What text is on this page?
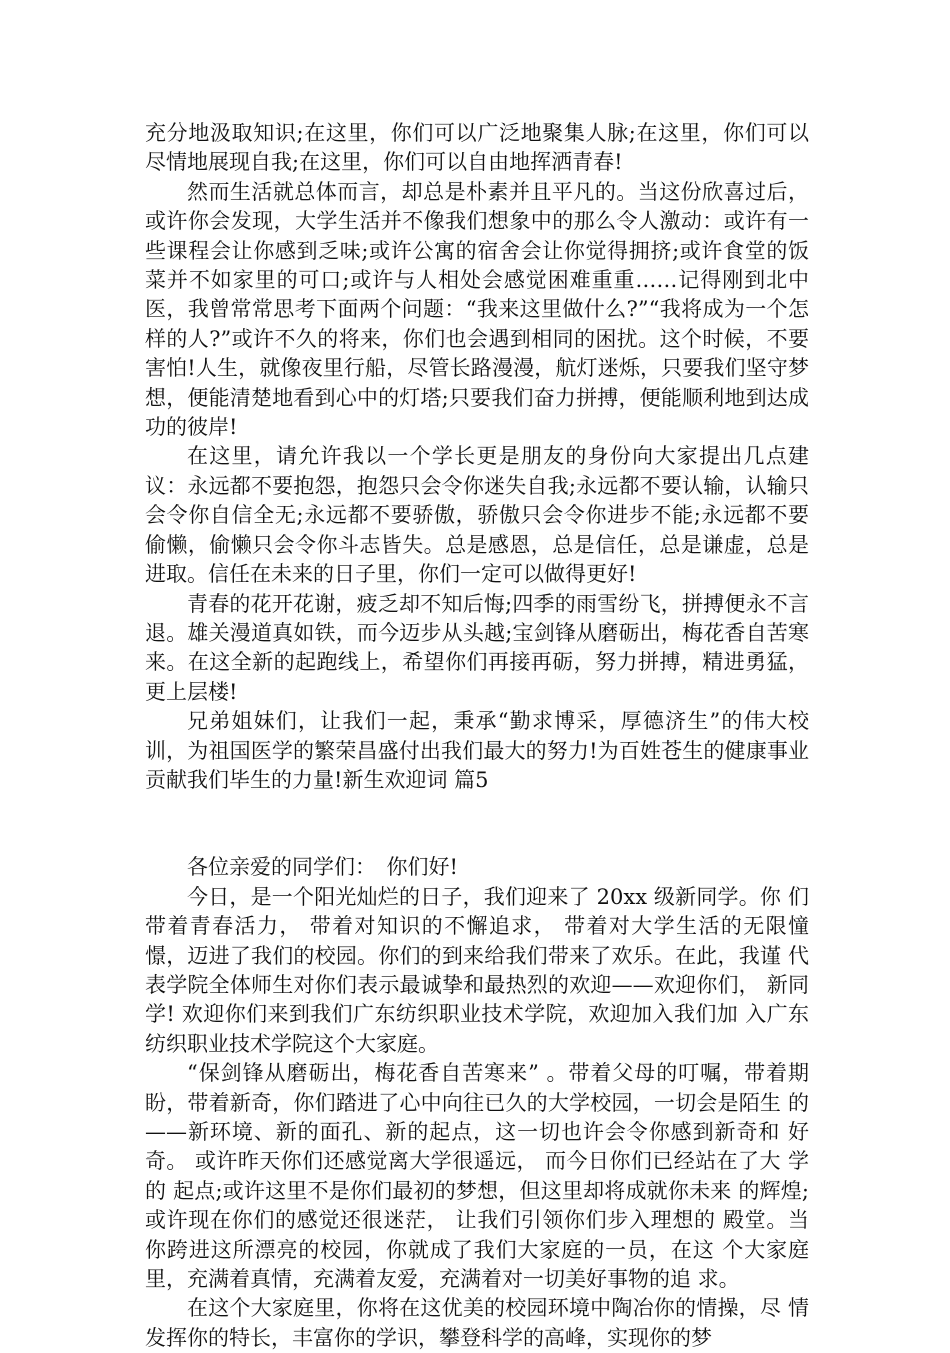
充分地汲取知识;在这里，你们可以广泛地聚集人脉;在这里，你们可以尽情地展现自我;在这里，你们可以自由地挥洒青春!

然而生活就总体而言，却总是朴素并且平凡的。当这份欣喜过后，或许你会发现，大学生活并不像我们想象中的那么令人激动：或许有一些课程会让你感到乏味;或许公寓的宿舍会让你觉得拥挤;或许食堂的饭菜并不如家里的可口;或许与人相处会感觉困难重重……记得刚到北中医，我曾常常思考下面两个问题：“我来这里做什么?”“我将成为一个怎样的人?”或许不久的将来，你们也会遇到相同的困扰。这个时候，不要害怕!人生，就像夜里行船，尽管长路漫漫，航灯迷烁，只要我们坚守梦想，便能清楚地看到心中的灯塔;只要我们奋力拼搏，便能顺利地到达成功的彼岸!

在这里，请允许我以一个学长更是朋友的身份向大家提出几点建议：永远都不要抱怨，抱怨只会令你迷失自我;永远都不要认输，认输只会令你自信全无;永远都不要骄傲，骄傲只会令你进步不能;永远都不要偷懒，偷懒只会令你斗志皆失。总是感恩，总是信任，总是谦虚，总是进取。信任在未来的日子里，你们一定可以做得更好!

青春的花开花谢，疲乏却不知后悔;四季的雨雪纷飞，拼搏便永不言退。雄关漫道真如铁，而今迈步从头越;宝剑锋从磨砺出，梅花香自苦寒来。在这全新的起跑线上，希望你们再接再砺，努力拼搏，精进勇猛，更上层楼!

兄弟姐妹们，让我们一起，秉承“勤求博采，厚德济生”的伟大校训，为祖国医学的繁荣昌盛付出我们最大的努力!为百姓苍生的健康事业贡献我们毕生的力量!新生欢迎词 篇5

各位亲爱的同学们：　你们好!

今日，是一个阳光灿烂的日子，我们迎来了 20xx 级新同学。你 们带着青春活力， 带着对知识的不懈追求， 带着对大学生活的无限憧 憬，迈进了我们的校园。你们的到来给我们带来了欢乐。在此，我谨 代表学院全体师生对你们表示最诚挚和最热烈的欢迎——欢迎你们， 新同学! 欢迎你们来到我们广东纺织职业技术学院，欢迎加入我们加 入广东纺织职业技术学院这个大家庭。

“保剑锋从磨砺出，梅花香自苦寒来” 。带着父母的叮嘱，带着期 盼，带着新奇，你们踏进了心中向往已久的大学校园，一切会是陌生 的——新环境、新的面孔、新的起点，这一切也许会令你感到新奇和 好奇。 或许昨天你们还感觉离大学很遥远， 而今日你们已经站在了大 学的 起点;或许这里不是你们最初的梦想，但这里却将成就你未来 的辉煌; 或许现在你们的感觉还很迷茫， 让我们引领你们步入理想的 殿堂。当你跨进这所漂亮的校园，你就成了我们大家庭的一员，在这 个大家庭里，充满着真情，充满着友爱，充满着对一切美好事物的追 求。

在这个大家庭里，你将在这优美的校园环境中陶冶你的情操，尽 情发挥你的特长，丰富你的学识，攀登科学的高峰，实现你的梦
